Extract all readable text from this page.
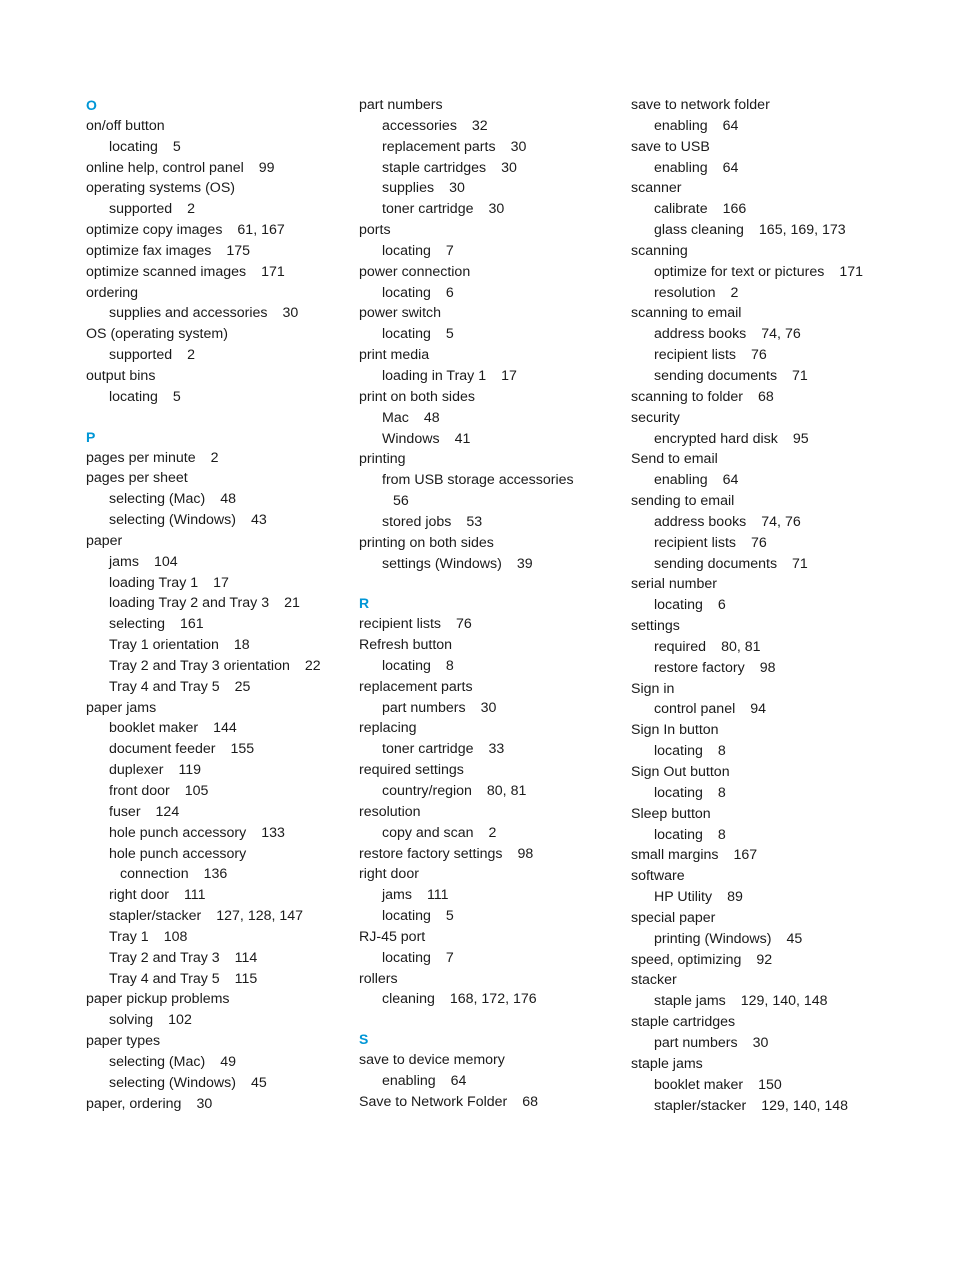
O
on/off button
locating 5
online help, control panel 99
operating systems (OS)
supported 2
optimize copy images 61, 167
optimize fax images 175
optimize scanned images 171
ordering
supplies and accessories 30
OS (operating system)
supported 2
output bins
locating 5
P
pages per minute 2
pages per sheet
selecting (Mac) 48
selecting (Windows) 43
paper
jams 104
loading Tray 1 17
loading Tray 2 and Tray 3 21
selecting 161
Tray 1 orientation 18
Tray 2 and Tray 3 orientation 22
Tray 4 and Tray 5 25
paper jams
booklet maker 144
document feeder 155
duplexer 119
front door 105
fuser 124
hole punch accessory 133
hole punch accessory
connection 136
right door 111
stapler/stacker 127, 128, 147
Tray 1 108
Tray 2 and Tray 3 114
Tray 4 and Tray 5 115
paper pickup problems
solving 102
paper types
selecting (Mac) 49
selecting (Windows) 45
paper, ordering 30
part numbers
accessories 32
replacement parts 30
staple cartridges 30
supplies 30
toner cartridge 30
ports
locating 7
power connection
locating 6
power switch
locating 5
print media
loading in Tray 1 17
print on both sides
Mac 48
Windows 41
printing
from USB storage accessories
56
stored jobs 53
printing on both sides
settings (Windows) 39
R
recipient lists 76
Refresh button
locating 8
replacement parts
part numbers 30
replacing
toner cartridge 33
required settings
country/region 80, 81
resolution
copy and scan 2
restore factory settings 98
right door
jams 111
locating 5
RJ-45 port
locating 7
rollers
cleaning 168, 172, 176
S
save to device memory
enabling 64
Save to Network Folder 68
save to network folder
enabling 64
save to USB
enabling 64
scanner
calibrate 166
glass cleaning 165, 169, 173
scanning
optimize for text or pictures 171
resolution 2
scanning to email
address books 74, 76
recipient lists 76
sending documents 71
scanning to folder 68
security
encrypted hard disk 95
Send to email
enabling 64
sending to email
address books 74, 76
recipient lists 76
sending documents 71
serial number
locating 6
settings
required 80, 81
restore factory 98
Sign in
control panel 94
Sign In button
locating 8
Sign Out button
locating 8
Sleep button
locating 8
small margins 167
software
HP Utility 89
special paper
printing (Windows) 45
speed, optimizing 92
stacker
staple jams 129, 140, 148
staple cartridges
part numbers 30
staple jams
booklet maker 150
stapler/stacker 129, 140, 148
